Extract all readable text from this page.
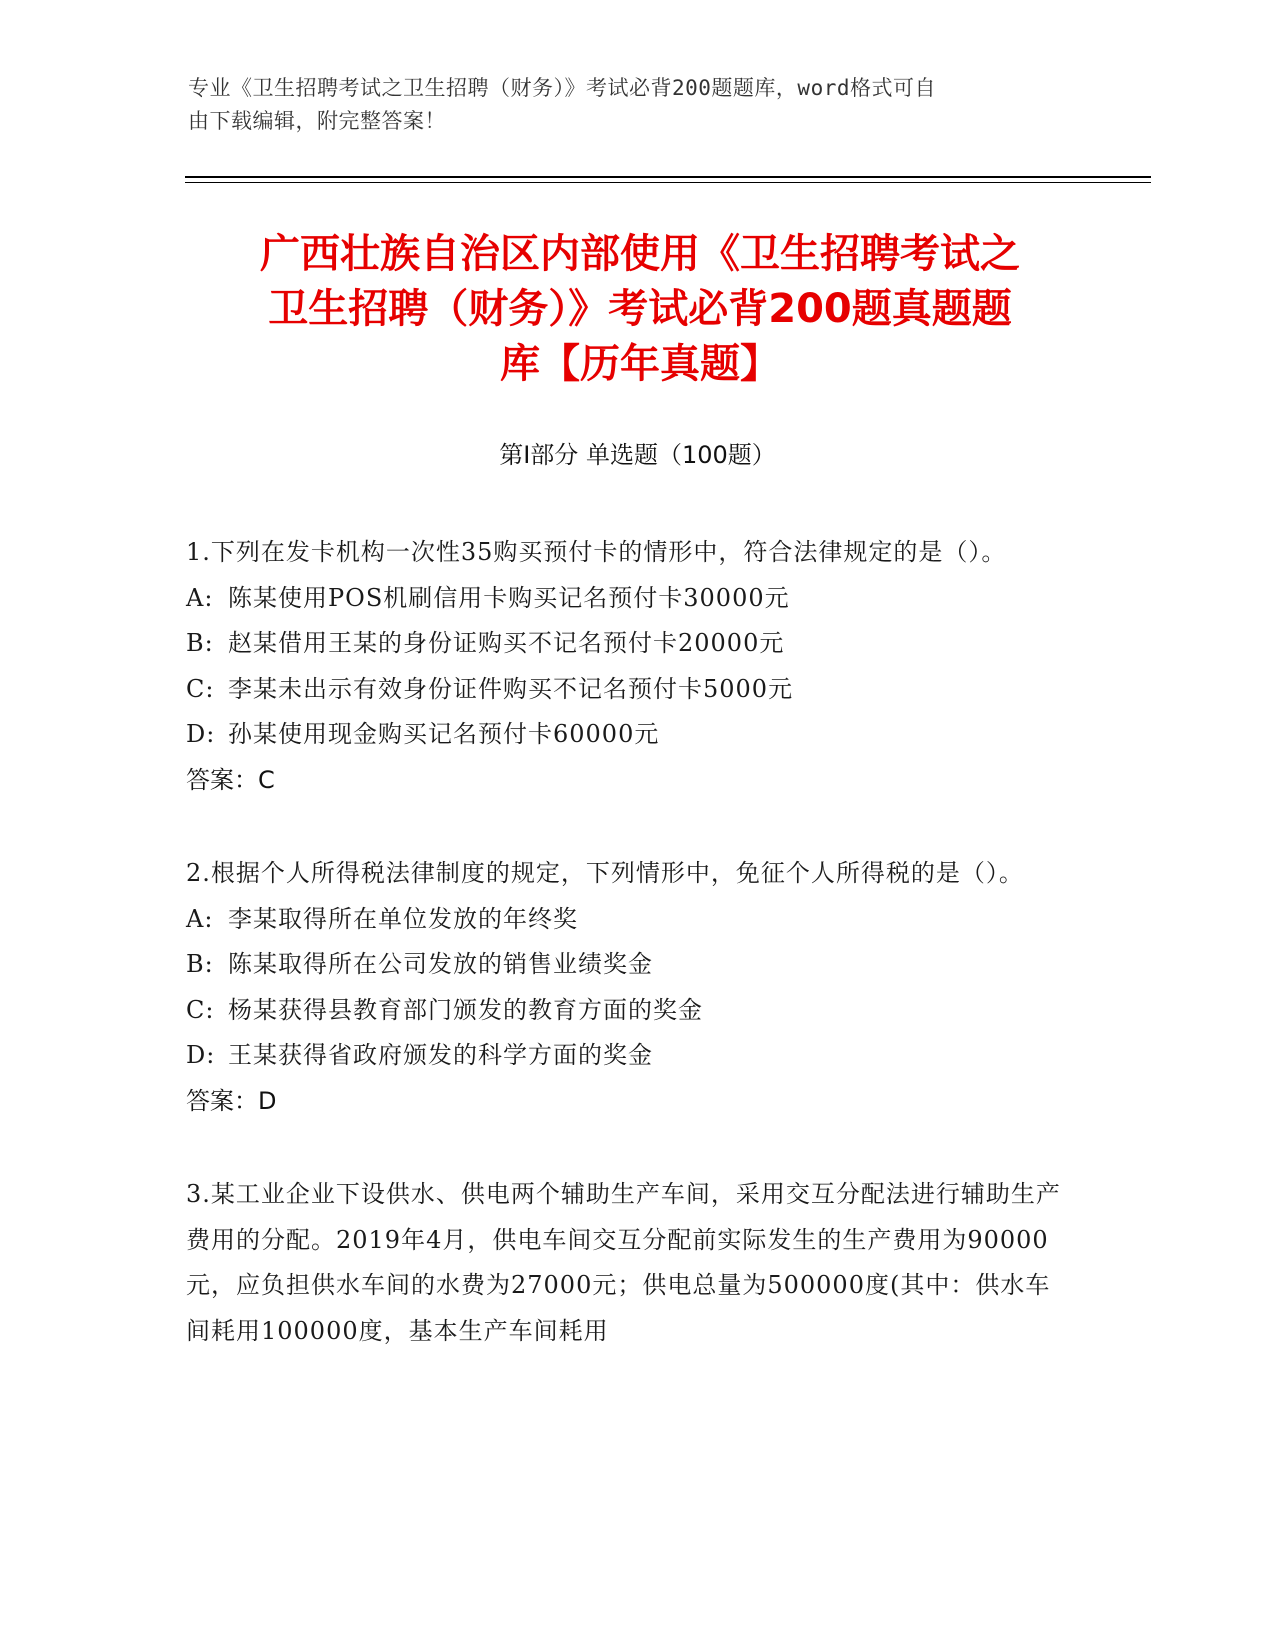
专业《卫生招聘考试之卫生招聘（财务）》考试必背200题题库，word格式可自
由下载编辑，附完整答案！
广西壮族自治区内部使用《卫生招聘考试之
卫生招聘（财务）》考试必背200题真题题
库【历年真题】
第I部分 单选题（100题）
1.下列在发卡机构一次性35购买预付卡的情形中，符合法律规定的是（）。
A: 陈某使用POS机刷信用卡购买记名预付卡30000元
B: 赵某借用王某的身份证购买不记名预付卡20000元
C: 李某未出示有效身份证件购买不记名预付卡5000元
D: 孙某使用现金购买记名预付卡60000元
答案：C
2.根据个人所得税法律制度的规定，下列情形中，免征个人所得税的是（）。
A: 李某取得所在单位发放的年终奖
B: 陈某取得所在公司发放的销售业绩奖金
C: 杨某获得县教育部门颁发的教育方面的奖金
D: 王某获得省政府颁发的科学方面的奖金
答案：D
3.某工业企业下设供水、供电两个辅助生产车间，采用交互分配法进行辅助生产费用的分配。2019年4月，供电车间交互分配前实际发生的生产费用为90000元，应负担供水车间的水费为27000元；供电总量为500000度(其中：供水车间耗用100000度，基本生产车间耗用
